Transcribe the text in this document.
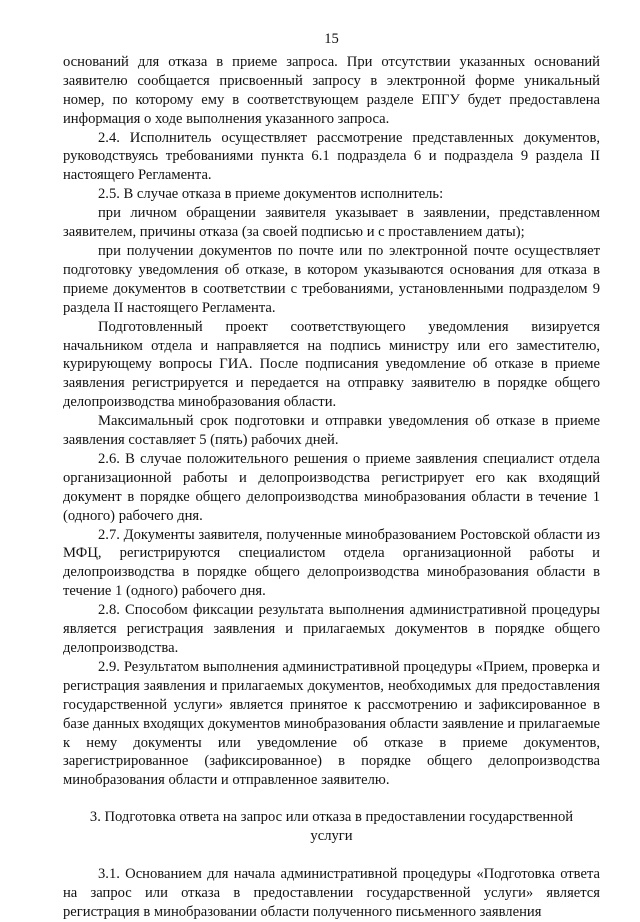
15

оснований для отказа в приеме запроса. При отсутствии указанных оснований заявителю сообщается присвоенный запросу в электронной форме уникальный номер, по которому ему в соответствующем разделе ЕПГУ будет предоставлена информация о ходе выполнения указанного запроса.

2.4. Исполнитель осуществляет рассмотрение представленных документов, руководствуясь требованиями пункта 6.1 подраздела 6 и подраздела 9 раздела II настоящего Регламента.

2.5. В случае отказа в приеме документов исполнитель:

при личном обращении заявителя указывает в заявлении, представленном заявителем, причины отказа (за своей подписью и с проставлением даты);

при получении документов по почте или по электронной почте осуществляет подготовку уведомления об отказе, в котором указываются основания для отказа в приеме документов в соответствии с требованиями, установленными подразделом 9 раздела II настоящего Регламента.

Подготовленный проект соответствующего уведомления визируется начальником отдела и направляется на подпись министру или его заместителю, курирующему вопросы ГИА. После подписания уведомление об отказе в приеме заявления регистрируется и передается на отправку заявителю в порядке общего делопроизводства минобразования области.

Максимальный срок подготовки и отправки уведомления об отказе в приеме заявления составляет 5 (пять) рабочих дней.

2.6. В случае положительного решения о приеме заявления специалист отдела организационной работы и делопроизводства регистрирует его как входящий документ в порядке общего делопроизводства минобразования области в течение 1 (одного) рабочего дня.

2.7. Документы заявителя, полученные минобразованием Ростовской области из МФЦ, регистрируются специалистом отдела организационной работы и делопроизводства в порядке общего делопроизводства минобразования области в течение 1 (одного) рабочего дня.

2.8. Способом фиксации результата выполнения административной процедуры является регистрация заявления и прилагаемых документов в порядке общего делопроизводства.

2.9. Результатом выполнения административной процедуры «Прием, проверка и регистрация заявления и прилагаемых документов, необходимых для предоставления государственной услуги» является принятое к рассмотрению и зафиксированное в базе данных входящих документов минобразования области заявление и прилагаемые к нему документы или уведомление об отказе в приеме документов, зарегистрированное (зафиксированное) в порядке общего делопроизводства минобразования области и отправленное заявителю.

3. Подготовка ответа на запрос или отказа в предоставлении государственной услуги

3.1. Основанием для начала административной процедуры «Подготовка ответа на запрос или отказа в предоставлении государственной услуги» является регистрация в минобразовании области полученного письменного заявления
